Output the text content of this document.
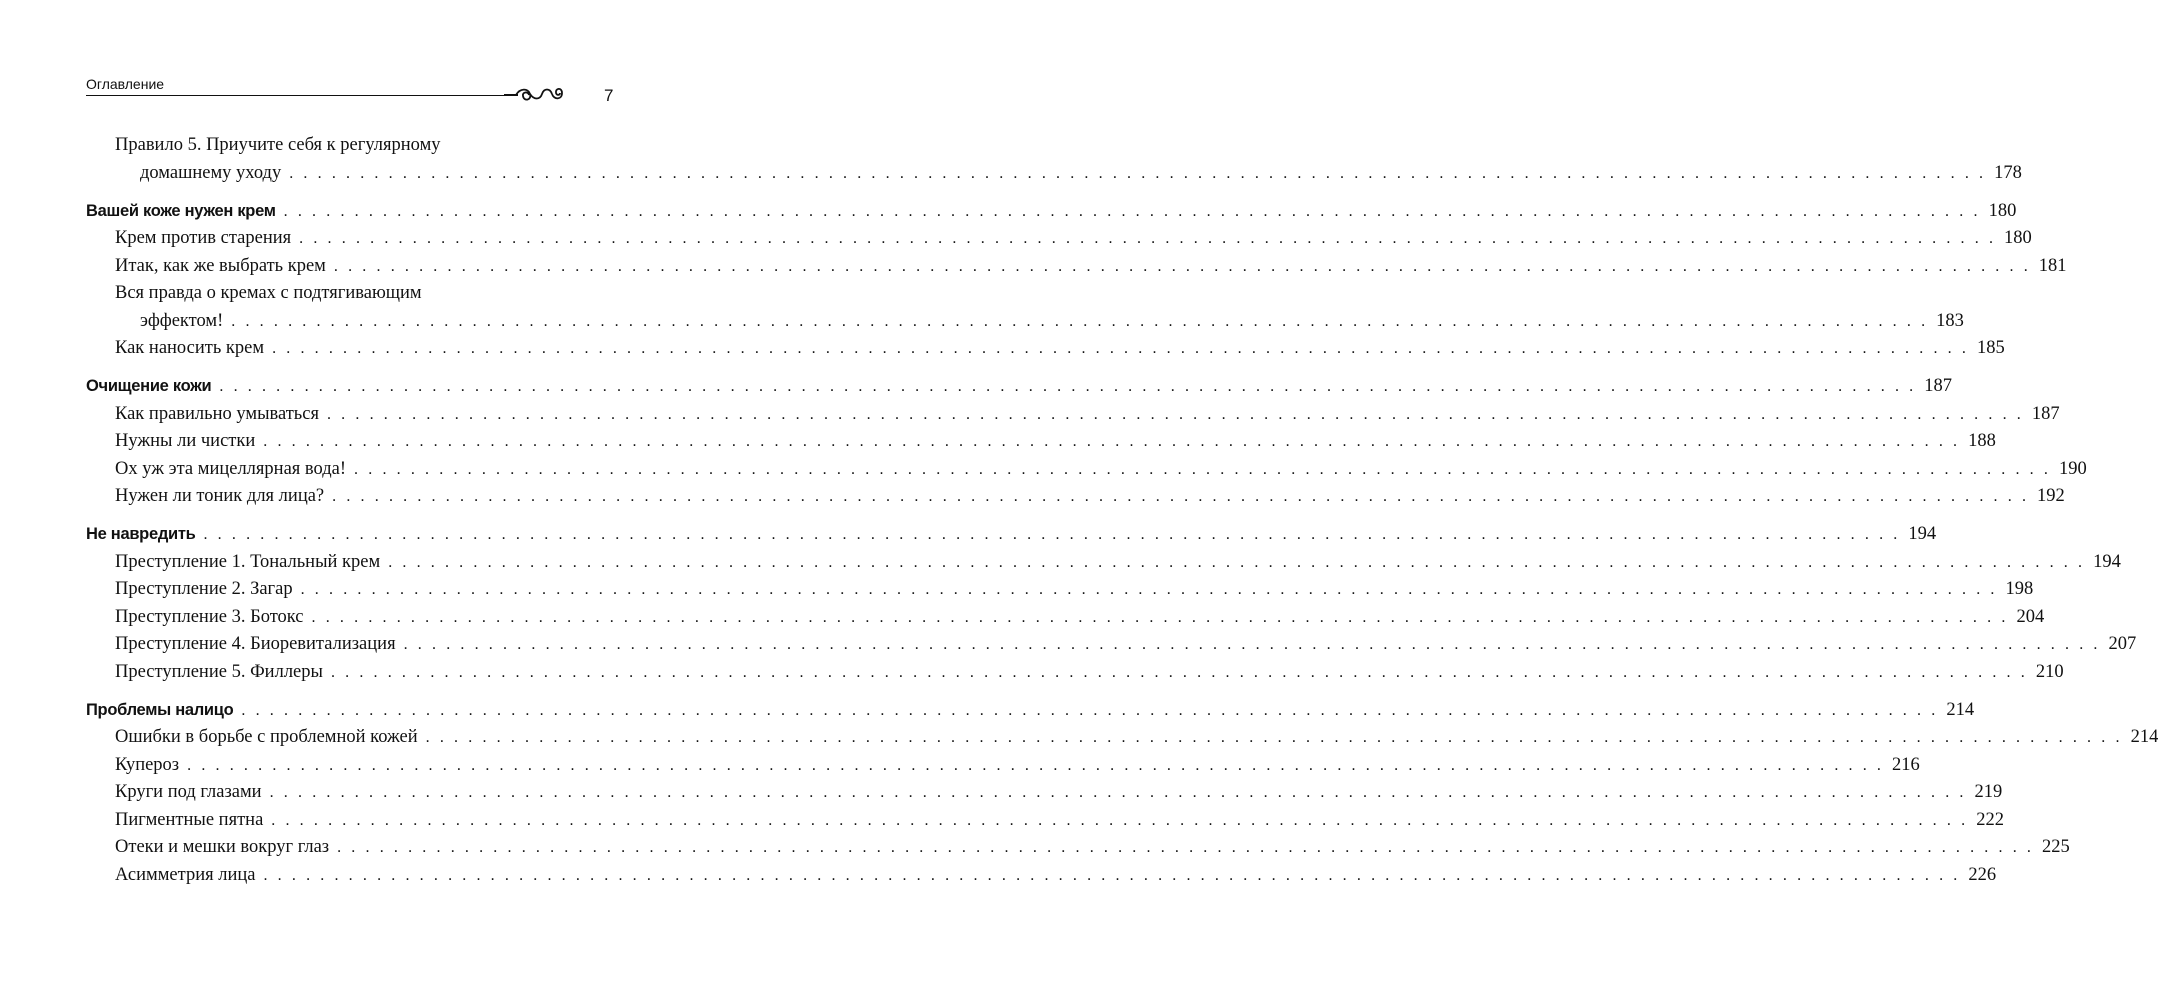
Оглавление
7
Правило 5. Приучите себя к регулярному
домашнему уходу . . . . . . . . . . . . . . . . . . . . . . . . . . . . . . . . . . . . . . . . . . . . . . . . . . . . . . . . . . . . . . . . . . . . . . . . . . . . . . . . . . . . . . . . . . . . . . . . . . . . . . . . . . . . . . . . . . . . . . . . 178
Вашей коже нужен крем . . . . . . . . . . . . . . . . . . . . . . . . . . . . . . . . . . . . . . . . . . . . . . . . . . . . . . . . . . . . . . . . . . . . . . . . . . . . . . . . . . . . . . . . . . . . . . . . . . . . . . . . . . . . . . . . . . . . . . . . 180
Крем против старения . . . . . . . . . . . . . . . . . . . . . . . . . . . . . . . . . . . . . . . . . . . . . . . . . . . . . . . . . . . . . . . . . . . . . . . . . . . . . . . . . . . . . . . . . . . . . . . . . . . . . . . . . . . . . . . . . . . . . . . . 180
Итак, как же выбрать крем . . . . . . . . . . . . . . . . . . . . . . . . . . . . . . . . . . . . . . . . . . . . . . . . . . . . . . . . . . . . . . . . . . . . . . . . . . . . . . . . . . . . . . . . . . . . . . . . . . . . . . . . . . . . . . . . . . . . . . . . 181
Вся правда о кремах с подтягивающим
эффектом! . . . . . . . . . . . . . . . . . . . . . . . . . . . . . . . . . . . . . . . . . . . . . . . . . . . . . . . . . . . . . . . . . . . . . . . . . . . . . . . . . . . . . . . . . . . . . . . . . . . . . . . . . . . . . . . . . . . . . . . . 183
Как наносить крем . . . . . . . . . . . . . . . . . . . . . . . . . . . . . . . . . . . . . . . . . . . . . . . . . . . . . . . . . . . . . . . . . . . . . . . . . . . . . . . . . . . . . . . . . . . . . . . . . . . . . . . . . . . . . . . . . . . . . . . . 185
Очищение кожи . . . . . . . . . . . . . . . . . . . . . . . . . . . . . . . . . . . . . . . . . . . . . . . . . . . . . . . . . . . . . . . . . . . . . . . . . . . . . . . . . . . . . . . . . . . . . . . . . . . . . . . . . . . . . . . . . . . . . . . . 187
Как правильно умываться . . . . . . . . . . . . . . . . . . . . . . . . . . . . . . . . . . . . . . . . . . . . . . . . . . . . . . . . . . . . . . . . . . . . . . . . . . . . . . . . . . . . . . . . . . . . . . . . . . . . . . . . . . . . . . . . . . . . . . . . 187
Нужны ли чистки . . . . . . . . . . . . . . . . . . . . . . . . . . . . . . . . . . . . . . . . . . . . . . . . . . . . . . . . . . . . . . . . . . . . . . . . . . . . . . . . . . . . . . . . . . . . . . . . . . . . . . . . . . . . . . . . . . . . . . . . 188
Ох уж эта мицеллярная вода! . . . . . . . . . . . . . . . . . . . . . . . . . . . . . . . . . . . . . . . . . . . . . . . . . . . . . . . . . . . . . . . . . . . . . . . . . . . . . . . . . . . . . . . . . . . . . . . . . . . . . . . . . . . . . . . . . . . . . . . . 190
Нужен ли тоник для лица? . . . . . . . . . . . . . . . . . . . . . . . . . . . . . . . . . . . . . . . . . . . . . . . . . . . . . . . . . . . . . . . . . . . . . . . . . . . . . . . . . . . . . . . . . . . . . . . . . . . . . . . . . . . . . . . . . . . . . . . . 192
Не навредить . . . . . . . . . . . . . . . . . . . . . . . . . . . . . . . . . . . . . . . . . . . . . . . . . . . . . . . . . . . . . . . . . . . . . . . . . . . . . . . . . . . . . . . . . . . . . . . . . . . . . . . . . . . . . . . . . . . . . . . . 194
Преступление 1. Тональный крем . . . . . . . . . . . . . . . . . . . . . . . . . . . . . . . . . . . . . . . . . . . . . . . . . . . . . . . . . . . . . . . . . . . . . . . . . . . . . . . . . . . . . . . . . . . . . . . . . . . . . . . . . . . . . . . . . . . . . . . . 194
Преступление 2. Загар . . . . . . . . . . . . . . . . . . . . . . . . . . . . . . . . . . . . . . . . . . . . . . . . . . . . . . . . . . . . . . . . . . . . . . . . . . . . . . . . . . . . . . . . . . . . . . . . . . . . . . . . . . . . . . . . . . . . . . . . 198
Преступление 3. Ботокс . . . . . . . . . . . . . . . . . . . . . . . . . . . . . . . . . . . . . . . . . . . . . . . . . . . . . . . . . . . . . . . . . . . . . . . . . . . . . . . . . . . . . . . . . . . . . . . . . . . . . . . . . . . . . . . . . . . . . . . . 204
Преступление 4. Биоревитализация . . . . . . . . . . . . . . . . . . . . . . . . . . . . . . . . . . . . . . . . . . . . . . . . . . . . . . . . . . . . . . . . . . . . . . . . . . . . . . . . . . . . . . . . . . . . . . . . . . . . . . . . . . . . . . . . . . . . . . . . 207
Преступление 5. Филлеры . . . . . . . . . . . . . . . . . . . . . . . . . . . . . . . . . . . . . . . . . . . . . . . . . . . . . . . . . . . . . . . . . . . . . . . . . . . . . . . . . . . . . . . . . . . . . . . . . . . . . . . . . . . . . . . . . . . . . . . . 210
Проблемы налицо . . . . . . . . . . . . . . . . . . . . . . . . . . . . . . . . . . . . . . . . . . . . . . . . . . . . . . . . . . . . . . . . . . . . . . . . . . . . . . . . . . . . . . . . . . . . . . . . . . . . . . . . . . . . . . . . . . . . . . . . 214
Ошибки в борьбе с проблемной кожей . . . . . . . . . . . . . . . . . . . . . . . . . . . . . . . . . . . . . . . . . . . . . . . . . . . . . . . . . . . . . . . . . . . . . . . . . . . . . . . . . . . . . . . . . . . . . . . . . . . . . . . . . . . . . . . . . . . . . . . . 214
Купероз . . . . . . . . . . . . . . . . . . . . . . . . . . . . . . . . . . . . . . . . . . . . . . . . . . . . . . . . . . . . . . . . . . . . . . . . . . . . . . . . . . . . . . . . . . . . . . . . . . . . . . . . . . . . . . . . . . . . . . . . 216
Круги под глазами . . . . . . . . . . . . . . . . . . . . . . . . . . . . . . . . . . . . . . . . . . . . . . . . . . . . . . . . . . . . . . . . . . . . . . . . . . . . . . . . . . . . . . . . . . . . . . . . . . . . . . . . . . . . . . . . . . . . . . . . 219
Пигментные пятна . . . . . . . . . . . . . . . . . . . . . . . . . . . . . . . . . . . . . . . . . . . . . . . . . . . . . . . . . . . . . . . . . . . . . . . . . . . . . . . . . . . . . . . . . . . . . . . . . . . . . . . . . . . . . . . . . . . . . . . . 222
Отеки и мешки вокруг глаз . . . . . . . . . . . . . . . . . . . . . . . . . . . . . . . . . . . . . . . . . . . . . . . . . . . . . . . . . . . . . . . . . . . . . . . . . . . . . . . . . . . . . . . . . . . . . . . . . . . . . . . . . . . . . . . . . . . . . . . . 225
Асимметрия лица . . . . . . . . . . . . . . . . . . . . . . . . . . . . . . . . . . . . . . . . . . . . . . . . . . . . . . . . . . . . . . . . . . . . . . . . . . . . . . . . . . . . . . . . . . . . . . . . . . . . . . . . . . . . . . . . . . . . . . . . 226
